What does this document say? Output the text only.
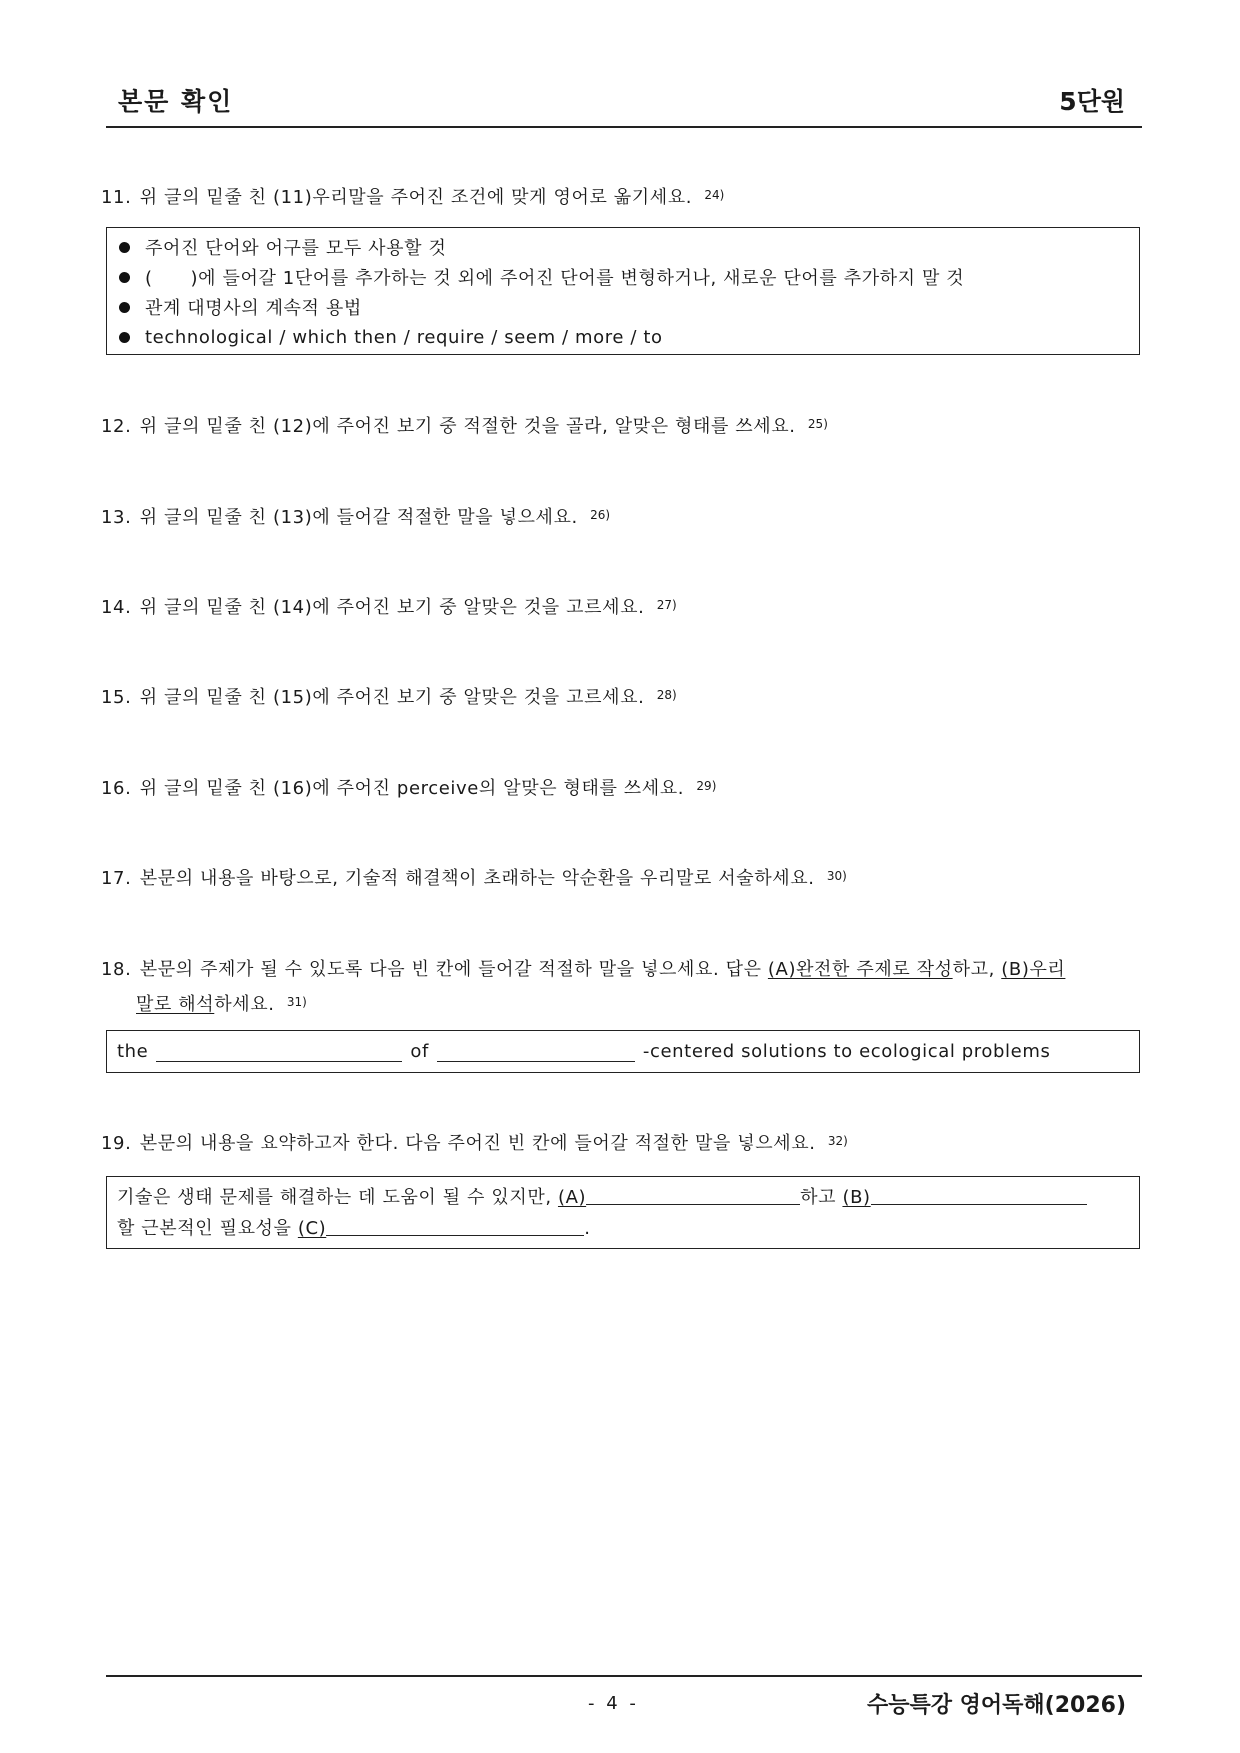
본문 확인	5단원
11. 위 글의 밑줄 친 (11)우리말을 주어진 조건에 맞게 영어로 옮기세요. $^{24)}$
주어진 단어와 어구를 모두 사용할 것
(      )에 들어갈 1단어를 추가하는 것 외에 주어진 단어를 변형하거나, 새로운 단어를 추가하지 말 것
관계 대명사의 계속적 용법
technological / which then / require / seem / more / to
12. 위 글의 밑줄 친 (12)에 주어진 보기 중 적절한 것을 골라, 알맞은 형태를 쓰세요. $^{25)}$
13. 위 글의 밑줄 친 (13)에 들어갈 적절한 말을 넣으세요. $^{26)}$
14. 위 글의 밑줄 친 (14)에 주어진 보기 중 알맞은 것을 고르세요. $^{27)}$
15. 위 글의 밑줄 친 (15)에 주어진 보기 중 알맞은 것을 고르세요. $^{28)}$
16. 위 글의 밑줄 친 (16)에 주어진 perceive의 알맞은 형태를 쓰세요. $^{29)}$
17. 본문의 내용을 바탕으로, 기술적 해결책이 초래하는 악순환을 우리말로 서술하세요. $^{30)}$
18. 본문의 주제가 될 수 있도록 다음 빈 칸에 들어갈 적절하 말을 넣으세요. 답은 (A)완전한 주제로 작성하고, (B)우리
말로 해석하세요. $^{31)}$
the	of	-centered solutions to ecological problems
19. 본문의 내용을 요약하고자 한다. 다음 주어진 빈 칸에 들어갈 적절한 말을 넣으세요. $^{32)}$
기술은 생태 문제를 해결하는 데 도움이 될 수 있지만, (A)	하고 (B)
할 근본적인 필요성을 (C)	.
- 4 -	수능특강 영어독해(2026)
